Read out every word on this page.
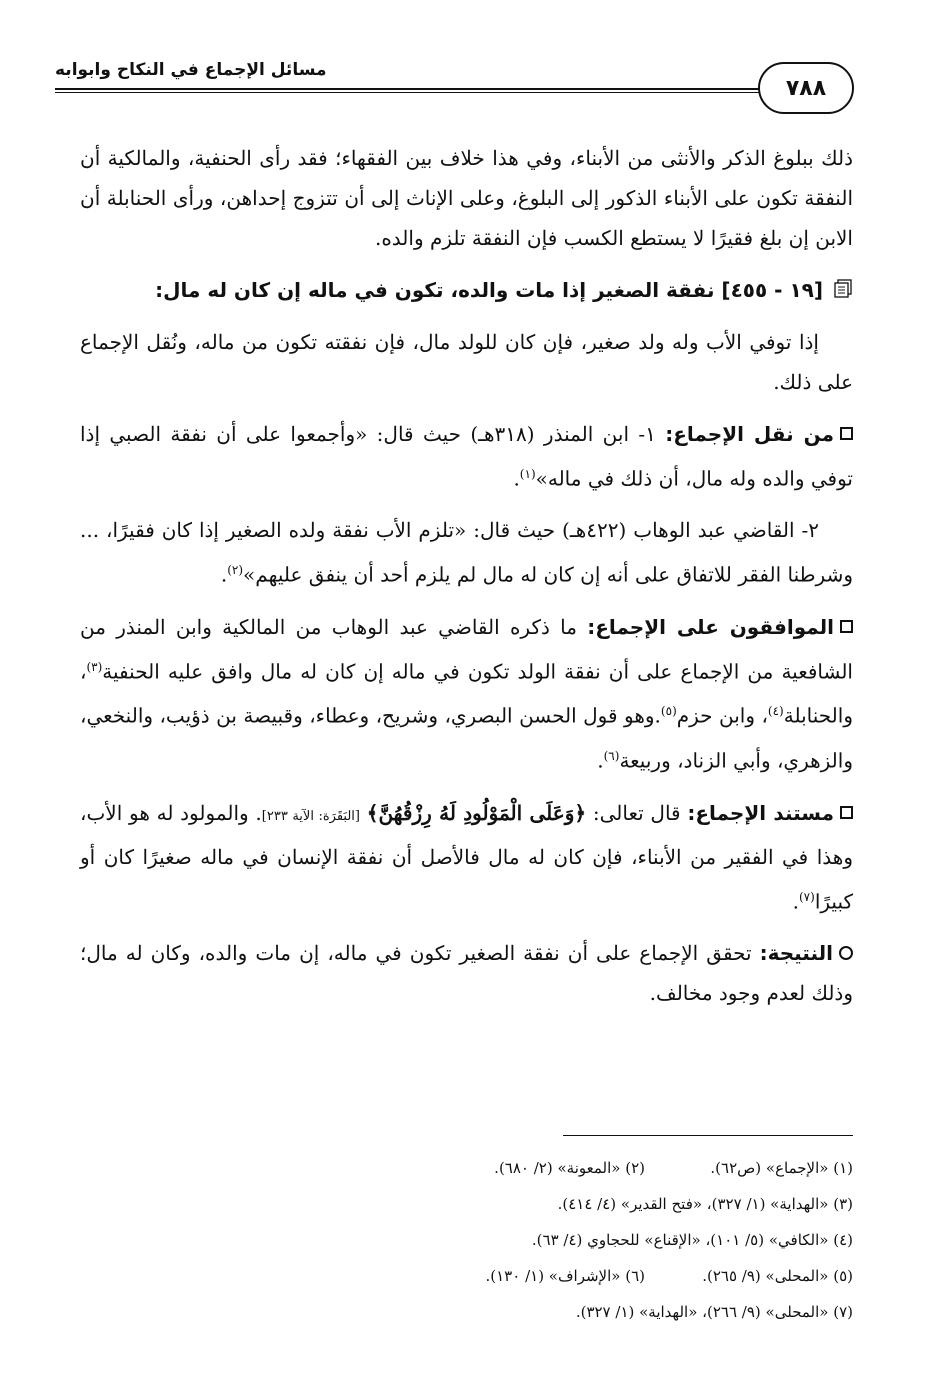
مسائل الإجماع في النكاح وابوابه
٧٨٨

ذلك ببلوغ الذكر والأنثى من الأبناء، وفي هذا خلاف بين الفقهاء؛ فقد رأى الحنفية، والمالكية أن النفقة تكون على الأبناء الذكور إلى البلوغ، وعلى الإناث إلى أن تتزوج إحداهن، ورأى الحنابلة أن الابن إن بلغ فقيرًا لا يستطع الكسب فإن النفقة تلزم والده.

[١٩ - ٤٥٥] نفقة الصغير إذا مات والده، تكون في ماله إن كان له مال:

إذا توفي الأب وله ولد صغير، فإن كان للولد مال، فإن نفقته تكون من ماله، ونُقل الإجماع على ذلك.

من نقل الإجماع: ١- ابن المنذر (٣١٨هـ) حيث قال: «وأجمعوا على أن نفقة الصبي إذا توفي والده وله مال، أن ذلك في ماله»$^{(١)}$.

٢- القاضي عبد الوهاب (٤٢٢هـ) حيث قال: «تلزم الأب نفقة ولده الصغير إذا كان فقيرًا، ... وشرطنا الفقر للاتفاق على أنه إن كان له مال لم يلزم أحد أن ينفق عليهم»$^{(٢)}$.

الموافقون على الإجماع: ما ذكره القاضي عبد الوهاب من المالكية وابن المنذر من الشافعية من الإجماع على أن نفقة الولد تكون في ماله إن كان له مال وافق عليه الحنفية$^{(٣)}$، والحنابلة$^{(٤)}$، وابن حزم$^{(٥)}$.وهو قول الحسن البصري، وشريح، وعطاء، وقبيصة بن ذؤيب، والنخعي، والزهري، وأبي الزناد، وربيعة$^{(٦)}$.

مستند الإجماع: قال تعالى: ﴿وَعَلَى الْمَوْلُودِ لَهُ رِزْقُهُنَّ﴾ [البَقَرَة: الآية ٢٣٣]. والمولود له هو الأب، وهذا في الفقير من الأبناء، فإن كان له مال فالأصل أن نفقة الإنسان في ماله صغيرًا كان أو كبيرًا$^{(٧)}$.

النتيجة: تحقق الإجماع على أن نفقة الصغير تكون في ماله، إن مات والده، وكان له مال؛ وذلك لعدم وجود مخالف.

(١) «الإجماع» (ص٦٢).(٢) «المعونة» (٢/ ٦٨٠).
(٣) «الهداية» (١/ ٣٢٧)، «فتح القدير» (٤/ ٤١٤).
(٤) «الكافي» (٥/ ١٠١)، «الإقناع» للحجاوي (٤/ ٦٣).
(٥) «المحلى» (٩/ ٢٦٥).(٦) «الإشراف» (١/ ١٣٠).
(٧) «المحلى» (٩/ ٢٦٦)، «الهداية» (١/ ٣٢٧).
